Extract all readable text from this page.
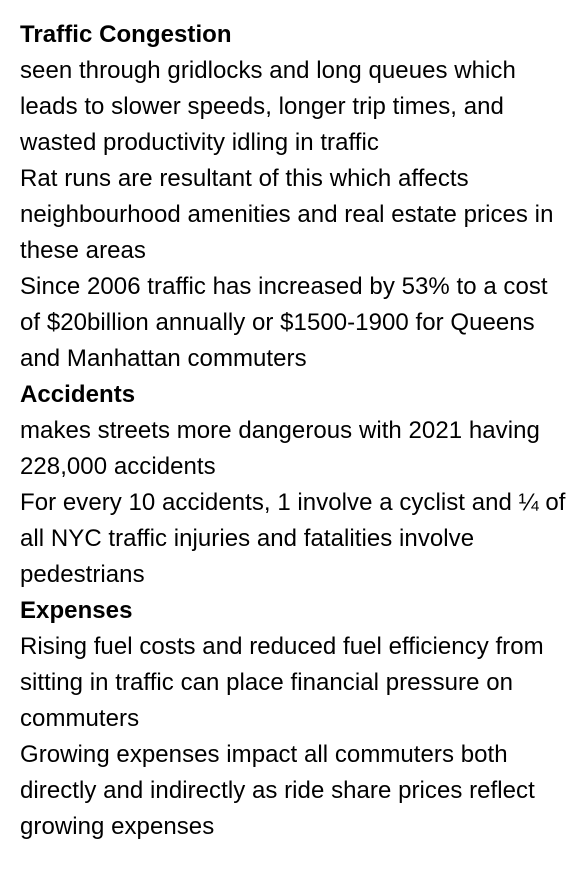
Traffic Congestion
seen through gridlocks and long queues which leads to slower speeds, longer trip times, and wasted productivity idling in traffic
Rat runs are resultant of this which affects neighbourhood amenities and real estate prices in these areas
Since 2006 traffic has increased by 53% to a cost of $20billion annually or $1500-1900 for Queens and Manhattan commuters
Accidents
makes streets more dangerous with 2021 having 228,000 accidents
For every 10 accidents, 1 involve a cyclist and ¼ of all NYC traffic injuries and fatalities involve pedestrians
Expenses
Rising fuel costs and reduced fuel efficiency from sitting in traffic can place financial pressure on commuters
Growing expenses impact all commuters both directly and indirectly as ride share prices reflect growing expenses
